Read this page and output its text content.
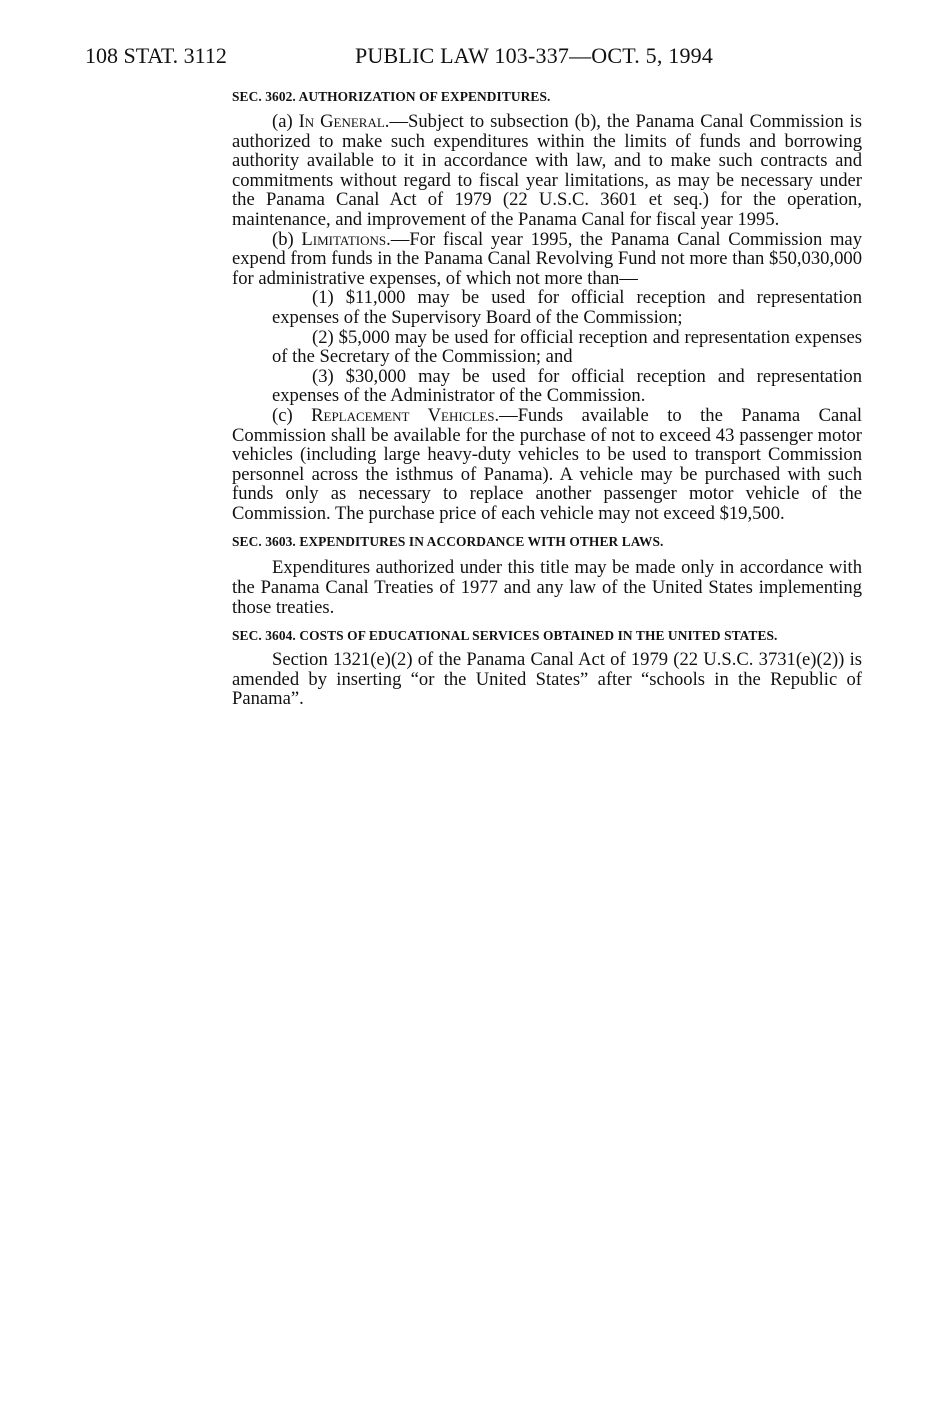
108 STAT. 3112	PUBLIC LAW 103-337—OCT. 5, 1994
SEC. 3602. AUTHORIZATION OF EXPENDITURES.

(a) In General.—Subject to subsection (b), the Panama Canal Commission is authorized to make such expenditures within the limits of funds and borrowing authority available to it in accordance with law, and to make such contracts and commitments without regard to fiscal year limitations, as may be necessary under the Panama Canal Act of 1979 (22 U.S.C. 3601 et seq.) for the operation, maintenance, and improvement of the Panama Canal for fiscal year 1995.

(b) Limitations.—For fiscal year 1995, the Panama Canal Commission may expend from funds in the Panama Canal Revolving Fund not more than $50,030,000 for administrative expenses, of which not more than—

(1) $11,000 may be used for official reception and representation expenses of the Supervisory Board of the Commission;
(2) $5,000 may be used for official reception and representation expenses of the Secretary of the Commission; and
(3) $30,000 may be used for official reception and representation expenses of the Administrator of the Commission.

(c) Replacement Vehicles.—Funds available to the Panama Canal Commission shall be available for the purchase of not to exceed 43 passenger motor vehicles (including large heavy-duty vehicles to be used to transport Commission personnel across the isthmus of Panama). A vehicle may be purchased with such funds only as necessary to replace another passenger motor vehicle of the Commission. The purchase price of each vehicle may not exceed $19,500.

SEC. 3603. EXPENDITURES IN ACCORDANCE WITH OTHER LAWS.

Expenditures authorized under this title may be made only in accordance with the Panama Canal Treaties of 1977 and any law of the United States implementing those treaties.

SEC. 3604. COSTS OF EDUCATIONAL SERVICES OBTAINED IN THE UNITED STATES.

Section 1321(e)(2) of the Panama Canal Act of 1979 (22 U.S.C. 3731(e)(2)) is amended by inserting “or the United States” after “schools in the Republic of Panama”.
